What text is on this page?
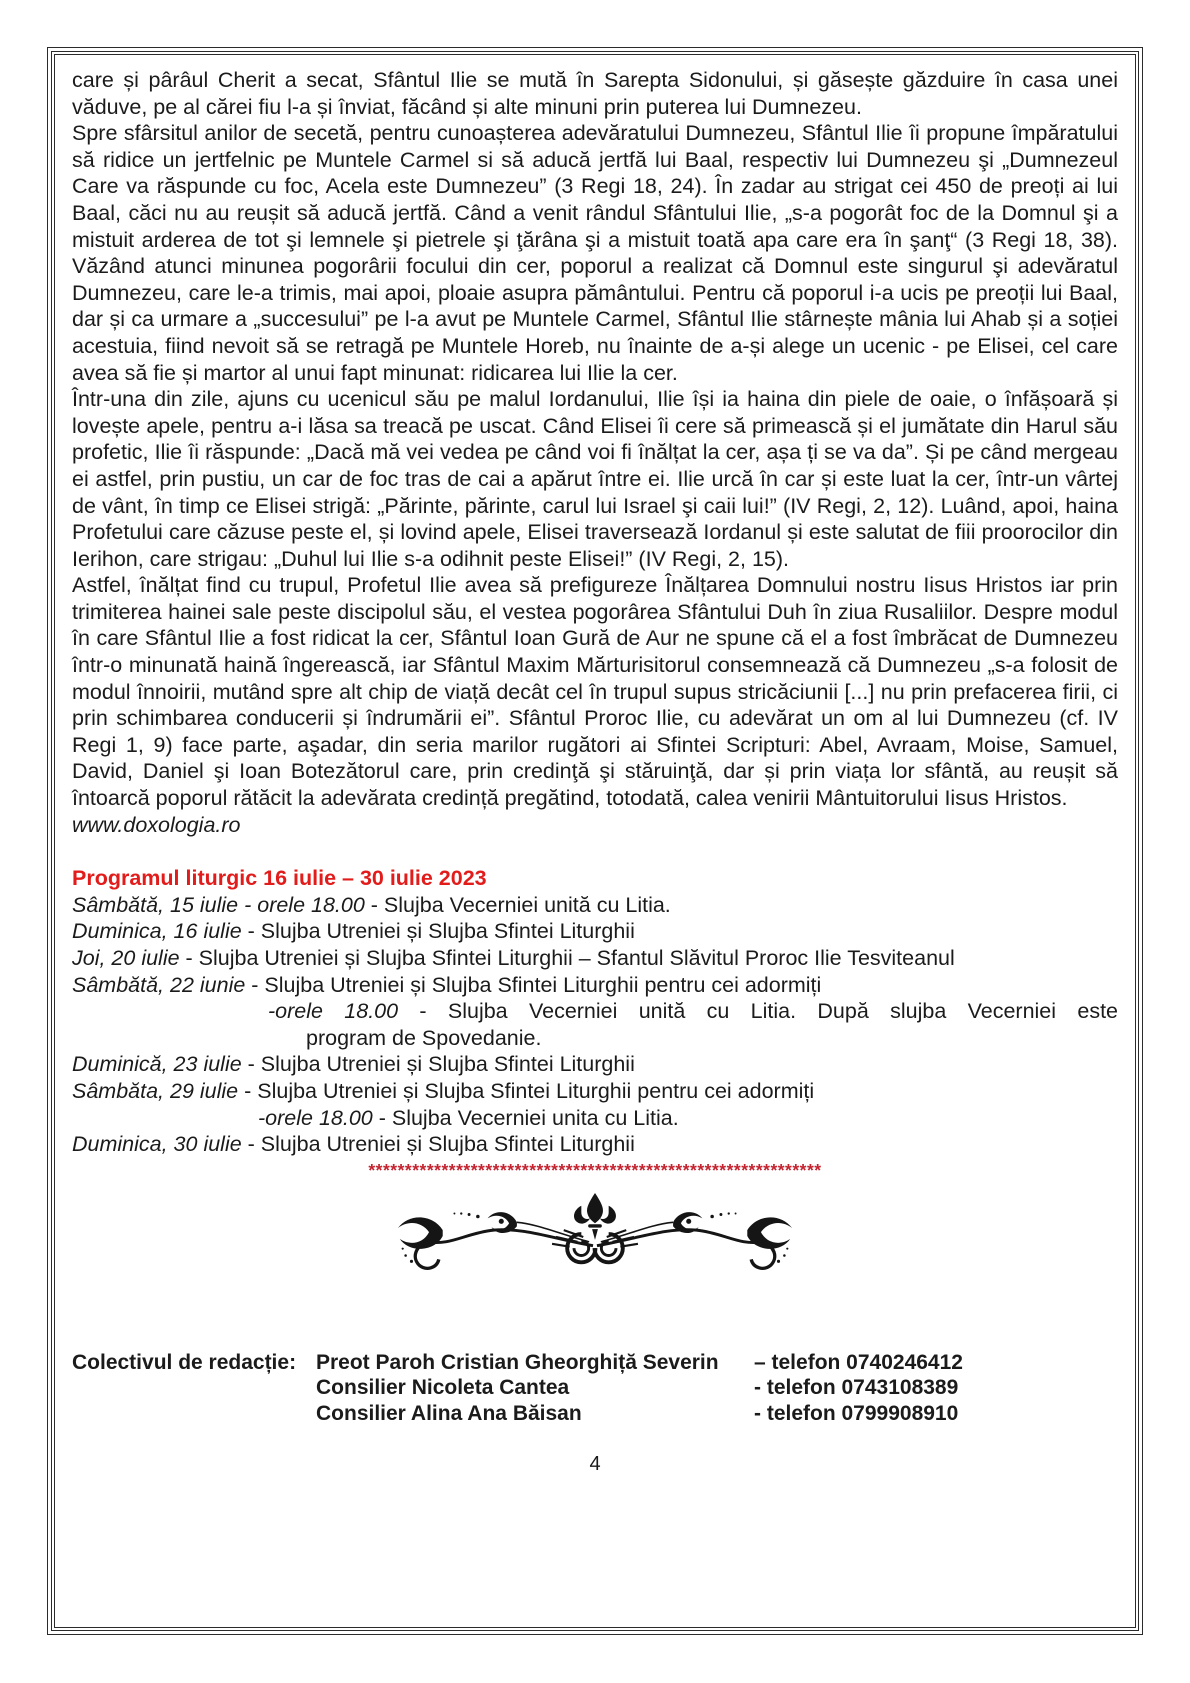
care și pârâul Cherit a secat, Sfântul Ilie se mută în Sarepta Sidonului, și găsește găzduire în casa unei văduve, pe al cărei fiu l-a și înviat, făcând și alte minuni prin puterea lui Dumnezeu.

Spre sfârsitul anilor de secetă, pentru cunoașterea adevăratului Dumnezeu, Sfântul Ilie îi propune împăratului să ridice un jertfelnic pe Muntele Carmel si să aducă jertfă lui Baal, respectiv lui Dumnezeu şi „Dumnezeul Care va răspunde cu foc, Acela este Dumnezeu” (3 Regi 18, 24). În zadar au strigat cei 450 de preoți ai lui Baal, căci nu au reușit să aducă jertfă. Când a venit rândul Sfântului Ilie, „s-a pogorât foc de la Domnul şi a mistuit arderea de tot şi lemnele şi pietrele şi ţărâna şi a mistuit toată apa care era în şanţ“ (3 Regi 18, 38). Văzând atunci minunea pogorârii focului din cer, poporul a realizat că Domnul este singurul şi adevăratul Dumnezeu, care le-a trimis, mai apoi, ploaie asupra pământului. Pentru că poporul i-a ucis pe preoții lui Baal, dar și ca urmare a „succesului” pe l-a avut pe Muntele Carmel, Sfântul Ilie stârnește mânia lui Ahab și a soției acestuia, fiind nevoit să se retragă pe Muntele Horeb, nu înainte de a-și alege un ucenic - pe Elisei, cel care avea să fie și martor al unui fapt minunat: ridicarea lui Ilie la cer.

Într-una din zile, ajuns cu ucenicul său pe malul Iordanului, Ilie își ia haina din piele de oaie, o înfășoară și lovește apele, pentru a-i lăsa sa treacă pe uscat. Când Elisei îi cere să primească și el jumătate din Harul său profetic, Ilie îi răspunde: „Dacă mă vei vedea pe când voi fi înălțat la cer, așa ți se va da”. Și pe când mergeau ei astfel, prin pustiu, un car de foc tras de cai a apărut între ei. Ilie urcă în car și este luat la cer, într-un vârtej de vânt, în timp ce Elisei strigă: „Părinte, părinte, carul lui Israel şi caii lui!” (IV Regi, 2, 12). Luând, apoi, haina Profetului care căzuse peste el, și lovind apele, Elisei traversează Iordanul și este salutat de fiii proorocilor din Ierihon, care strigau: „Duhul lui Ilie s-a odihnit peste Elisei!” (IV Regi, 2, 15).

Astfel, înălțat find cu trupul, Profetul Ilie avea să prefigureze Înălțarea Domnului nostru Iisus Hristos iar prin trimiterea hainei sale peste discipolul său, el vestea pogorârea Sfântului Duh în ziua Rusaliilor. Despre modul în care Sfântul Ilie a fost ridicat la cer, Sfântul Ioan Gură de Aur ne spune că el a fost îmbrăcat de Dumnezeu într-o minunată haină îngerească, iar Sfântul Maxim Mărturisitorul consemnează că Dumnezeu „s-a folosit de modul înnoirii, mutând spre alt chip de viață decât cel în trupul supus stricăciunii [...] nu prin prefacerea firii, ci prin schimbarea conducerii și îndrumării ei”. Sfântul Proroc Ilie, cu adevărat un om al lui Dumnezeu (cf. IV Regi 1, 9) face parte, aşadar, din seria marilor rugători ai Sfintei Scripturi: Abel, Avraam, Moise, Samuel, David, Daniel şi Ioan Botezătorul care, prin credinţă şi stăruinţă, dar și prin viața lor sfântă, au reușit să întoarcă poporul rătăcit la adevărata credință pregătind, totodată, calea venirii Mântuitorului Iisus Hristos.

www.doxologia.ro

Programul liturgic 16 iulie – 30 iulie 2023
Sâmbătă, 15 iulie - orele 18.00 - Slujba Vecerniei unită cu Litia.
Duminica, 16 iulie - Slujba Utreniei și Slujba Sfintei Liturghii
Joi, 20 iulie - Slujba Utreniei și Slujba Sfintei Liturghii – Sfantul Slăvitul Proroc Ilie Tesviteanul
Sâmbătă, 22 iunie - Slujba Utreniei și Slujba Sfintei Liturghii pentru cei adormiți
-orele 18.00 - Slujba Vecerniei unită cu Litia. După slujba Vecerniei este
program de Spovedanie.
Duminică, 23 iulie - Slujba Utreniei și Slujba Sfintei Liturghii
Sâmbăta, 29 iulie - Slujba Utreniei și Slujba Sfintei Liturghii pentru cei adormiți
-orele 18.00 - Slujba Vecerniei unita cu Litia.
Duminica, 30 iulie - Slujba Utreniei și Slujba Sfintei Liturghii
**************************************************************
Colectivul de redacție: Preot Paroh Cristian Gheorghiță Severin	– telefon 0740246412
Consilier Nicoleta Cantea	- telefon 0743108389
Consilier Alina Ana Băisan	- telefon 0799908910
4
